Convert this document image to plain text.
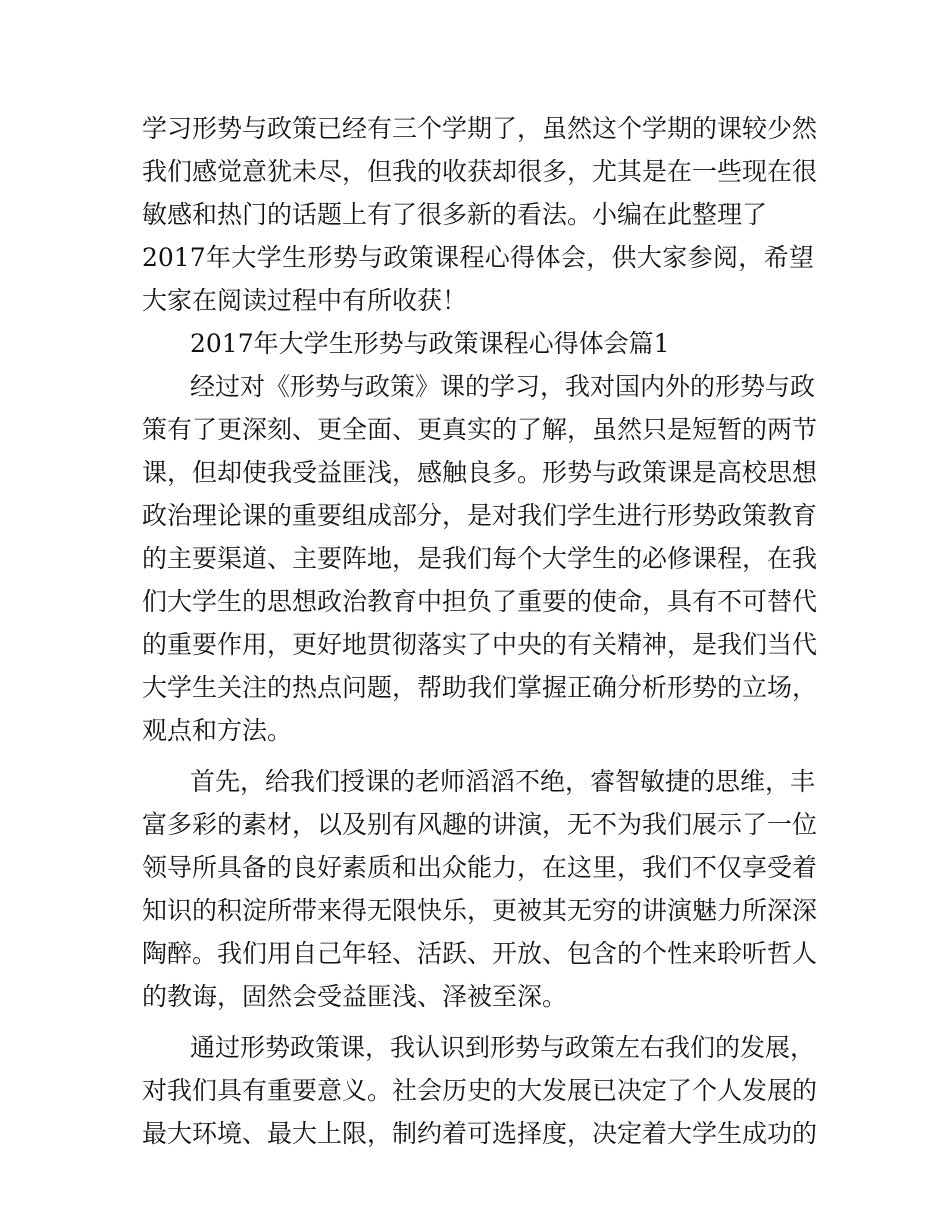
学习形势与政策已经有三个学期了，虽然这个学期的课较少然
我们感觉意犹未尽，但我的收获却很多，尤其是在一些现在很
敏感和热门的话题上有了很多新的看法。小编在此整理了
2017年大学生形势与政策课程心得体会，供大家参阅，希望
大家在阅读过程中有所收获！
2017年大学生形势与政策课程心得体会篇1
经过对《形势与政策》课的学习，我对国内外的形势与政
策有了更深刻、更全面、更真实的了解，虽然只是短暂的两节
课，但却使我受益匪浅，感触良多。形势与政策课是高校思想
政治理论课的重要组成部分，是对我们学生进行形势政策教育
的主要渠道、主要阵地，是我们每个大学生的必修课程，在我
们大学生的思想政治教育中担负了重要的使命，具有不可替代
的重要作用，更好地贯彻落实了中央的有关精神，是我们当代
大学生关注的热点问题，帮助我们掌握正确分析形势的立场，
观点和方法。
首先，给我们授课的老师滔滔不绝，睿智敏捷的思维，丰
富多彩的素材，以及别有风趣的讲演，无不为我们展示了一位
领导所具备的良好素质和出众能力，在这里，我们不仅享受着
知识的积淀所带来得无限快乐，更被其无穷的讲演魅力所深深
陶醉。我们用自己年轻、活跃、开放、包含的个性来聆听哲人
的教诲，固然会受益匪浅、泽被至深。
通过形势政策课，我认识到形势与政策左右我们的发展，
对我们具有重要意义。社会历史的大发展已决定了个人发展的
最大环境、最大上限，制约着可选择度，决定着大学生成功的
